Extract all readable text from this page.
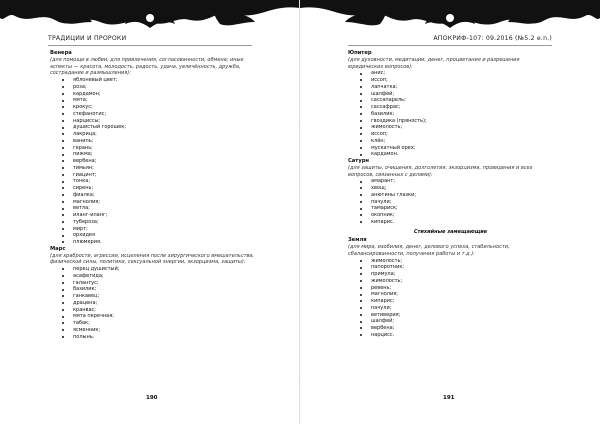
ТРАДИЦИИ И ПРОРОКИ
Венера
(для помощи в любви, для привлечения, согласованности, обмена; иные аспекты — красота, молодость, радость, удача, увлечённость, дружба, сострадание и размышления):
яблоневый цвет;
роза;
кардамон;
мята;
крокус;
стефанотис;
нарциссы;
душистый горошек;
лакрица;
ваниль;
герань;
пижма;
вербена;
тимьян;
гиацинт;
тонка;
сирень;
фиалка;
магнолия;
ветла;
иланг-иланг;
тубероза;
мирт;
орхидея
плюмерия.
Марс
(для храбрости, агрессии, исцеления после хирургического вмешательства, физической силы, политики, сексуальной энергии, экзорцизма, защиты):
перец душистый;
асафетида;
галантус;
базилик;
ганкавец;
драцена;
кранвас;
мята перечная;
табак;
ясменник;
полынь.
190
АПОКРИФ-107: 09.2016 (№5.2 e.n.)
Юпитер
(для духовности, медитации, денег, процветания и разрешения юридических вопросов):
анис;
иссоп;
лапчатка;
шалфей;
сассапарель;
сассафрас;
базилик;
гвоздика (пряность);
жимолость;
иссоп;
клён;
мускатный орех;
кардамон.
Сатурн
(для защиты, очищения, долголетия, экзорцизма, провидения и всех вопросов, связанных с делами):
амарант;
хвощ;
анютины глазки;
пачули;
тамариск;
окопник;
кипарис.
Стихийные замещающие
Земля
(для мира, изобилия, денег, делового успеха, стабильности, сбалансированности, получения работы и т.д.):
жимолость;
папоротник;
примула;
жимолость;
ревень;
магнолия;
кипарис;
пачули;
ветиверия;
шалфей;
вербена;
нарцисс.
191
